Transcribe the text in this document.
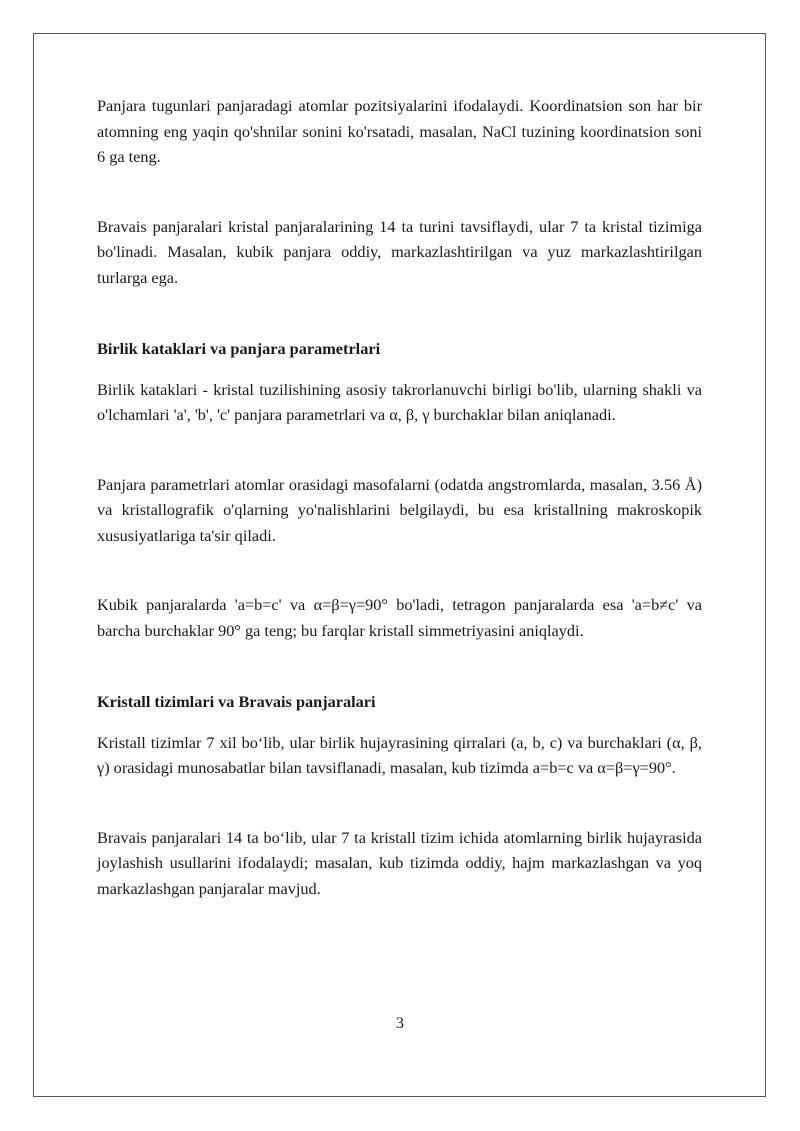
Panjara tugunlari panjaradagi atomlar pozitsiyalarini ifodalaydi. Koordinatsion son har bir atomning eng yaqin qo'shnilar sonini ko'rsatadi, masalan, NaCl tuzining koordinatsion soni 6 ga teng.

Bravais panjaralari kristal panjaralarining 14 ta turini tavsiflaydi, ular 7 ta kristal tizimiga bo'linadi. Masalan, kubik panjara oddiy, markazlashtirilgan va yuz markazlashtirilgan turlarga ega.

Birlik kataklari va panjara parametrlari

Birlik kataklari - kristal tuzilishining asosiy takrorlanuvchi birligi bo'lib, ularning shakli va o'lchamlari 'a', 'b', 'c' panjara parametrlari va α, β, γ burchaklar bilan aniqlanadi.

Panjara parametrlari atomlar orasidagi masofalarni (odatda angstromlarda, masalan, 3.56 Å) va kristallografik o'qlarning yo'nalishlarini belgilaydi, bu esa kristallning makroskopik xususiyatlariga ta'sir qiladi.

Kubik panjaralarda 'a=b=c' va α=β=γ=90° bo'ladi, tetragon panjaralarda esa 'a=b≠c' va barcha burchaklar 90° ga teng; bu farqlar kristall simmetriyasini aniqlaydi.

Kristall tizimlari va Bravais panjaralari

Kristall tizimlar 7 xil bo‘lib, ular birlik hujayrasining qirralari (a, b, c) va burchaklari (α, β, γ) orasidagi munosabatlar bilan tavsiflanadi, masalan, kub tizimda a=b=c va α=β=γ=90°.

Bravais panjaralari 14 ta bo‘lib, ular 7 ta kristall tizim ichida atomlarning birlik hujayrasida joylashish usullarini ifodalaydi; masalan, kub tizimda oddiy, hajm markazlashgan va yoq markazlashgan panjaralar mavjud.

3
